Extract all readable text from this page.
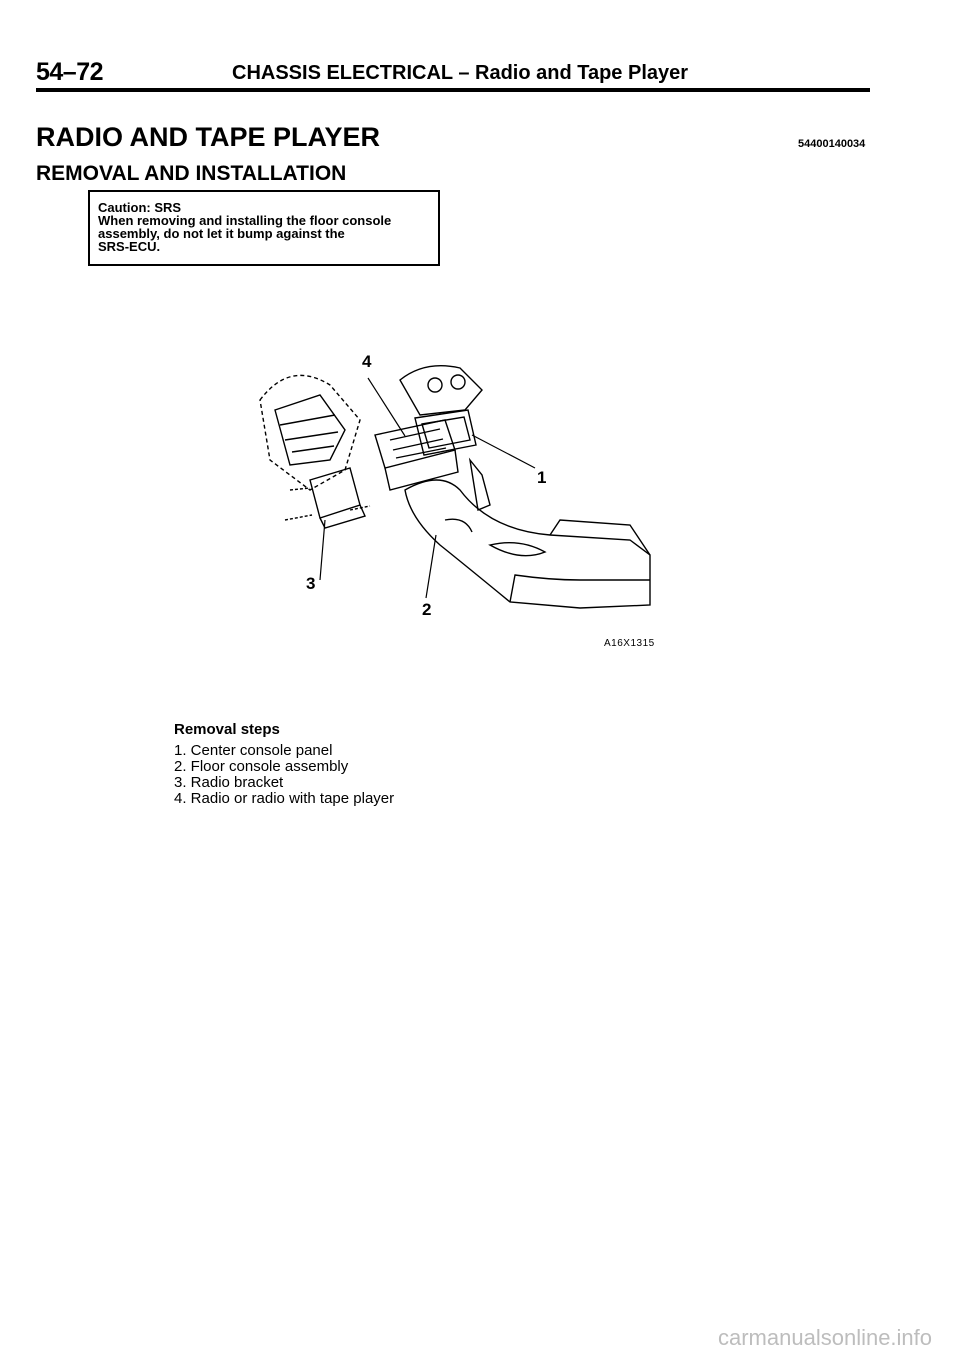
54–72	CHASSIS ELECTRICAL – Radio and Tape Player
RADIO AND TAPE PLAYER	54400140034
REMOVAL AND INSTALLATION
Caution: SRS
When removing and installing the floor console
assembly, do not let it bump against the
SRS-ECU.
4
1
3
2
A16X1315
Removal steps
1. Center console panel
2. Floor console assembly
3. Radio bracket
4. Radio or radio with tape player
carmanualsonline.info
